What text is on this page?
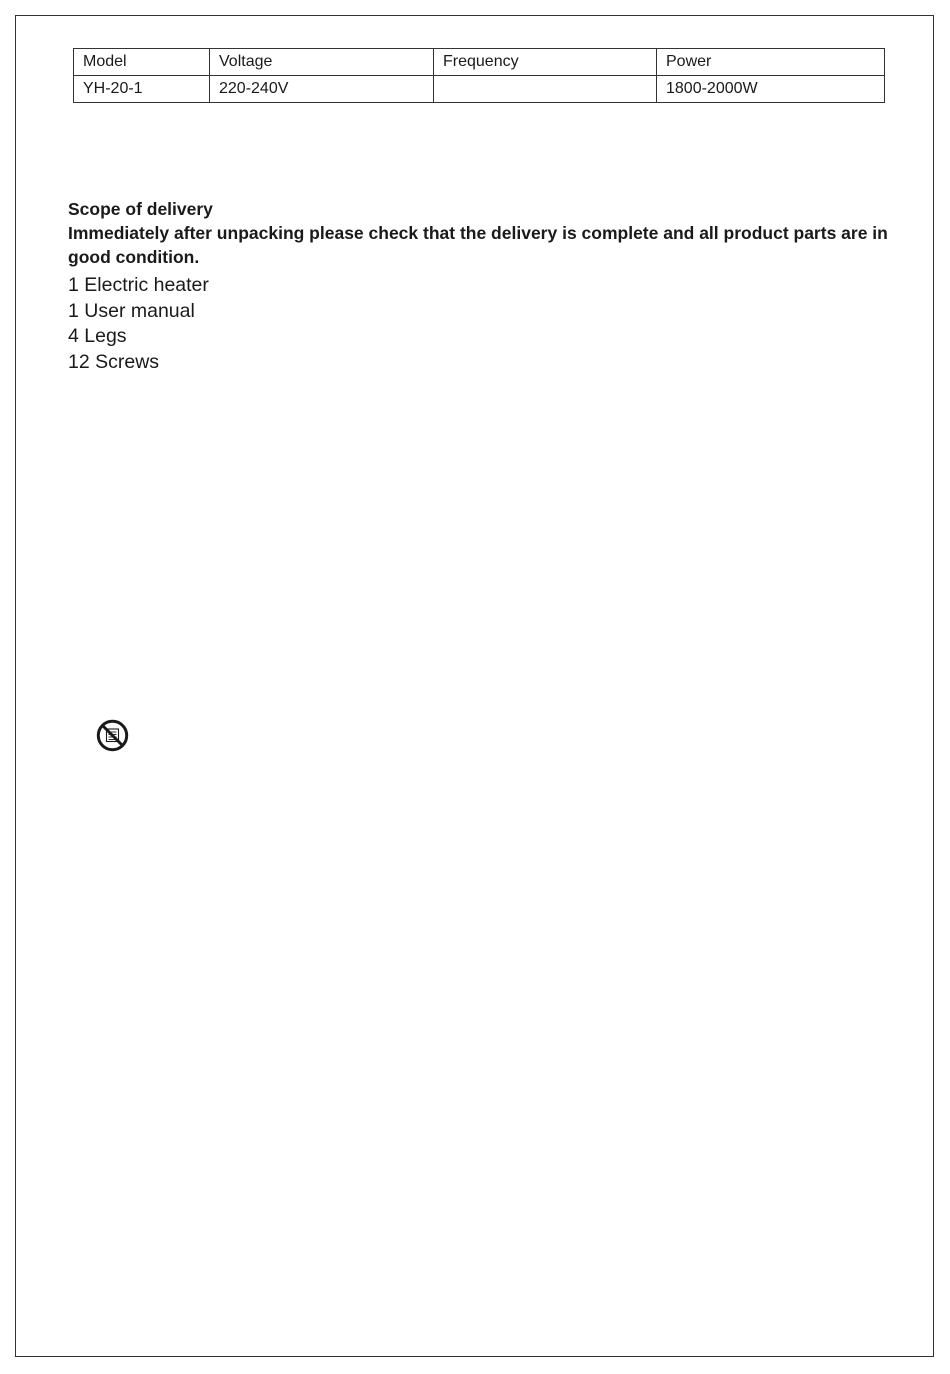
Model	Voltage	Frequency	Power
YH-20-1	220-240V		1800-2000W

Scope of delivery

Immediately after unpacking please check that the delivery is complete and all product parts are in good condition.

1 Electric heater
1 User manual
4 Legs
12 Screws
